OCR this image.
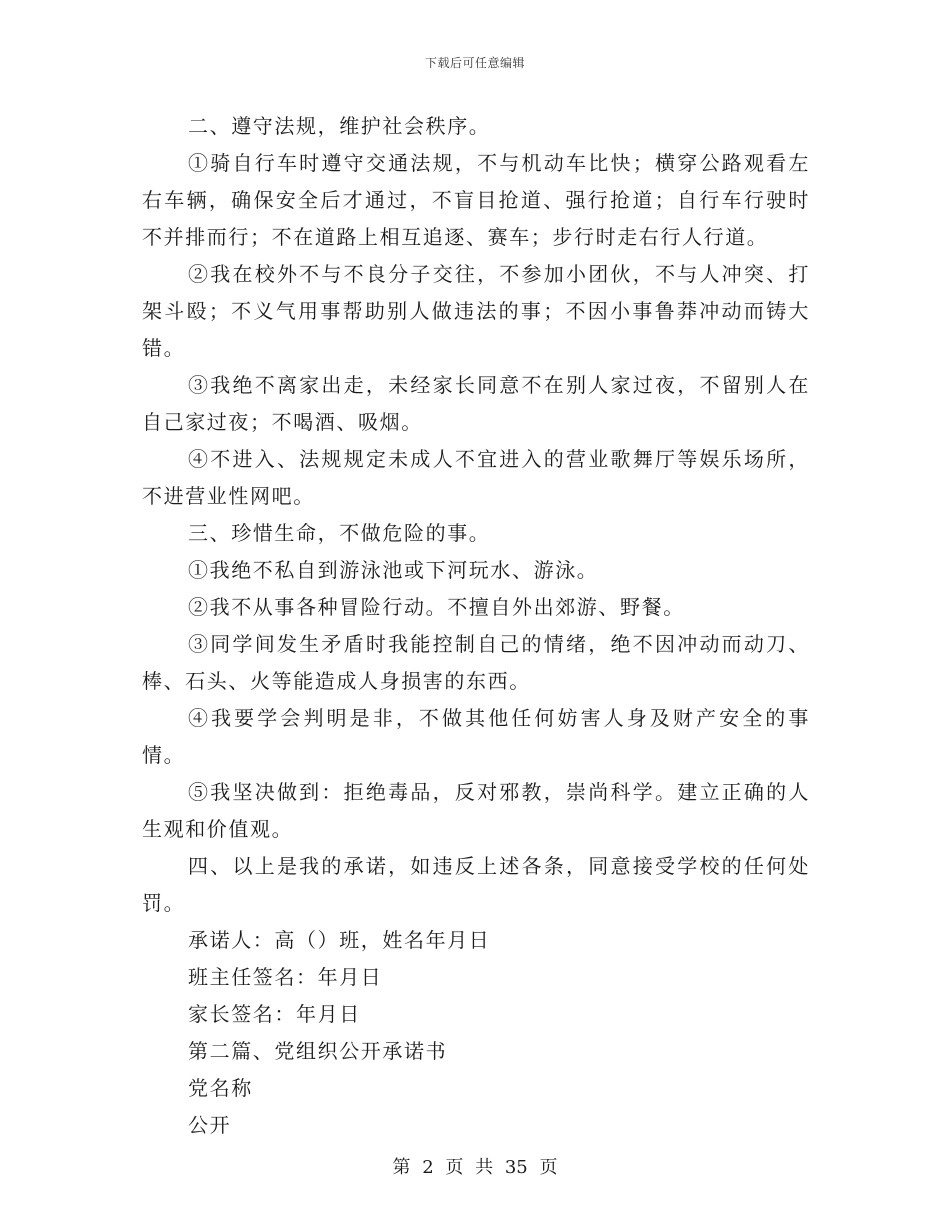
下载后可任意编辑

二、遵守法规，维护社会秩序。

①骑自行车时遵守交通法规，不与机动车比快；横穿公路观看左右车辆，确保安全后才通过，不盲目抢道、强行抢道；自行车行驶时不并排而行；不在道路上相互追逐、赛车；步行时走右行人行道。

②我在校外不与不良分子交往，不参加小团伙，不与人冲突、打架斗殴；不义气用事帮助别人做违法的事；不因小事鲁莽冲动而铸大错。

③我绝不离家出走，未经家长同意不在别人家过夜，不留别人在自己家过夜；不喝酒、吸烟。

④不进入、法规规定未成人不宜进入的营业歌舞厅等娱乐场所，不进营业性网吧。

三、珍惜生命，不做危险的事。

①我绝不私自到游泳池或下河玩水、游泳。

②我不从事各种冒险行动。不擅自外出郊游、野餐。

③同学间发生矛盾时我能控制自己的情绪，绝不因冲动而动刀、棒、石头、火等能造成人身损害的东西。

④我要学会判明是非，不做其他任何妨害人身及财产安全的事情。

⑤我坚决做到：拒绝毒品，反对邪教，崇尚科学。建立正确的人生观和价值观。

四、以上是我的承诺，如违反上述各条，同意接受学校的任何处罚。

承诺人：高（）班，姓名年月日

班主任签名：年月日

家长签名：年月日

第二篇、党组织公开承诺书

党名称

公开

第 2 页 共 35 页
